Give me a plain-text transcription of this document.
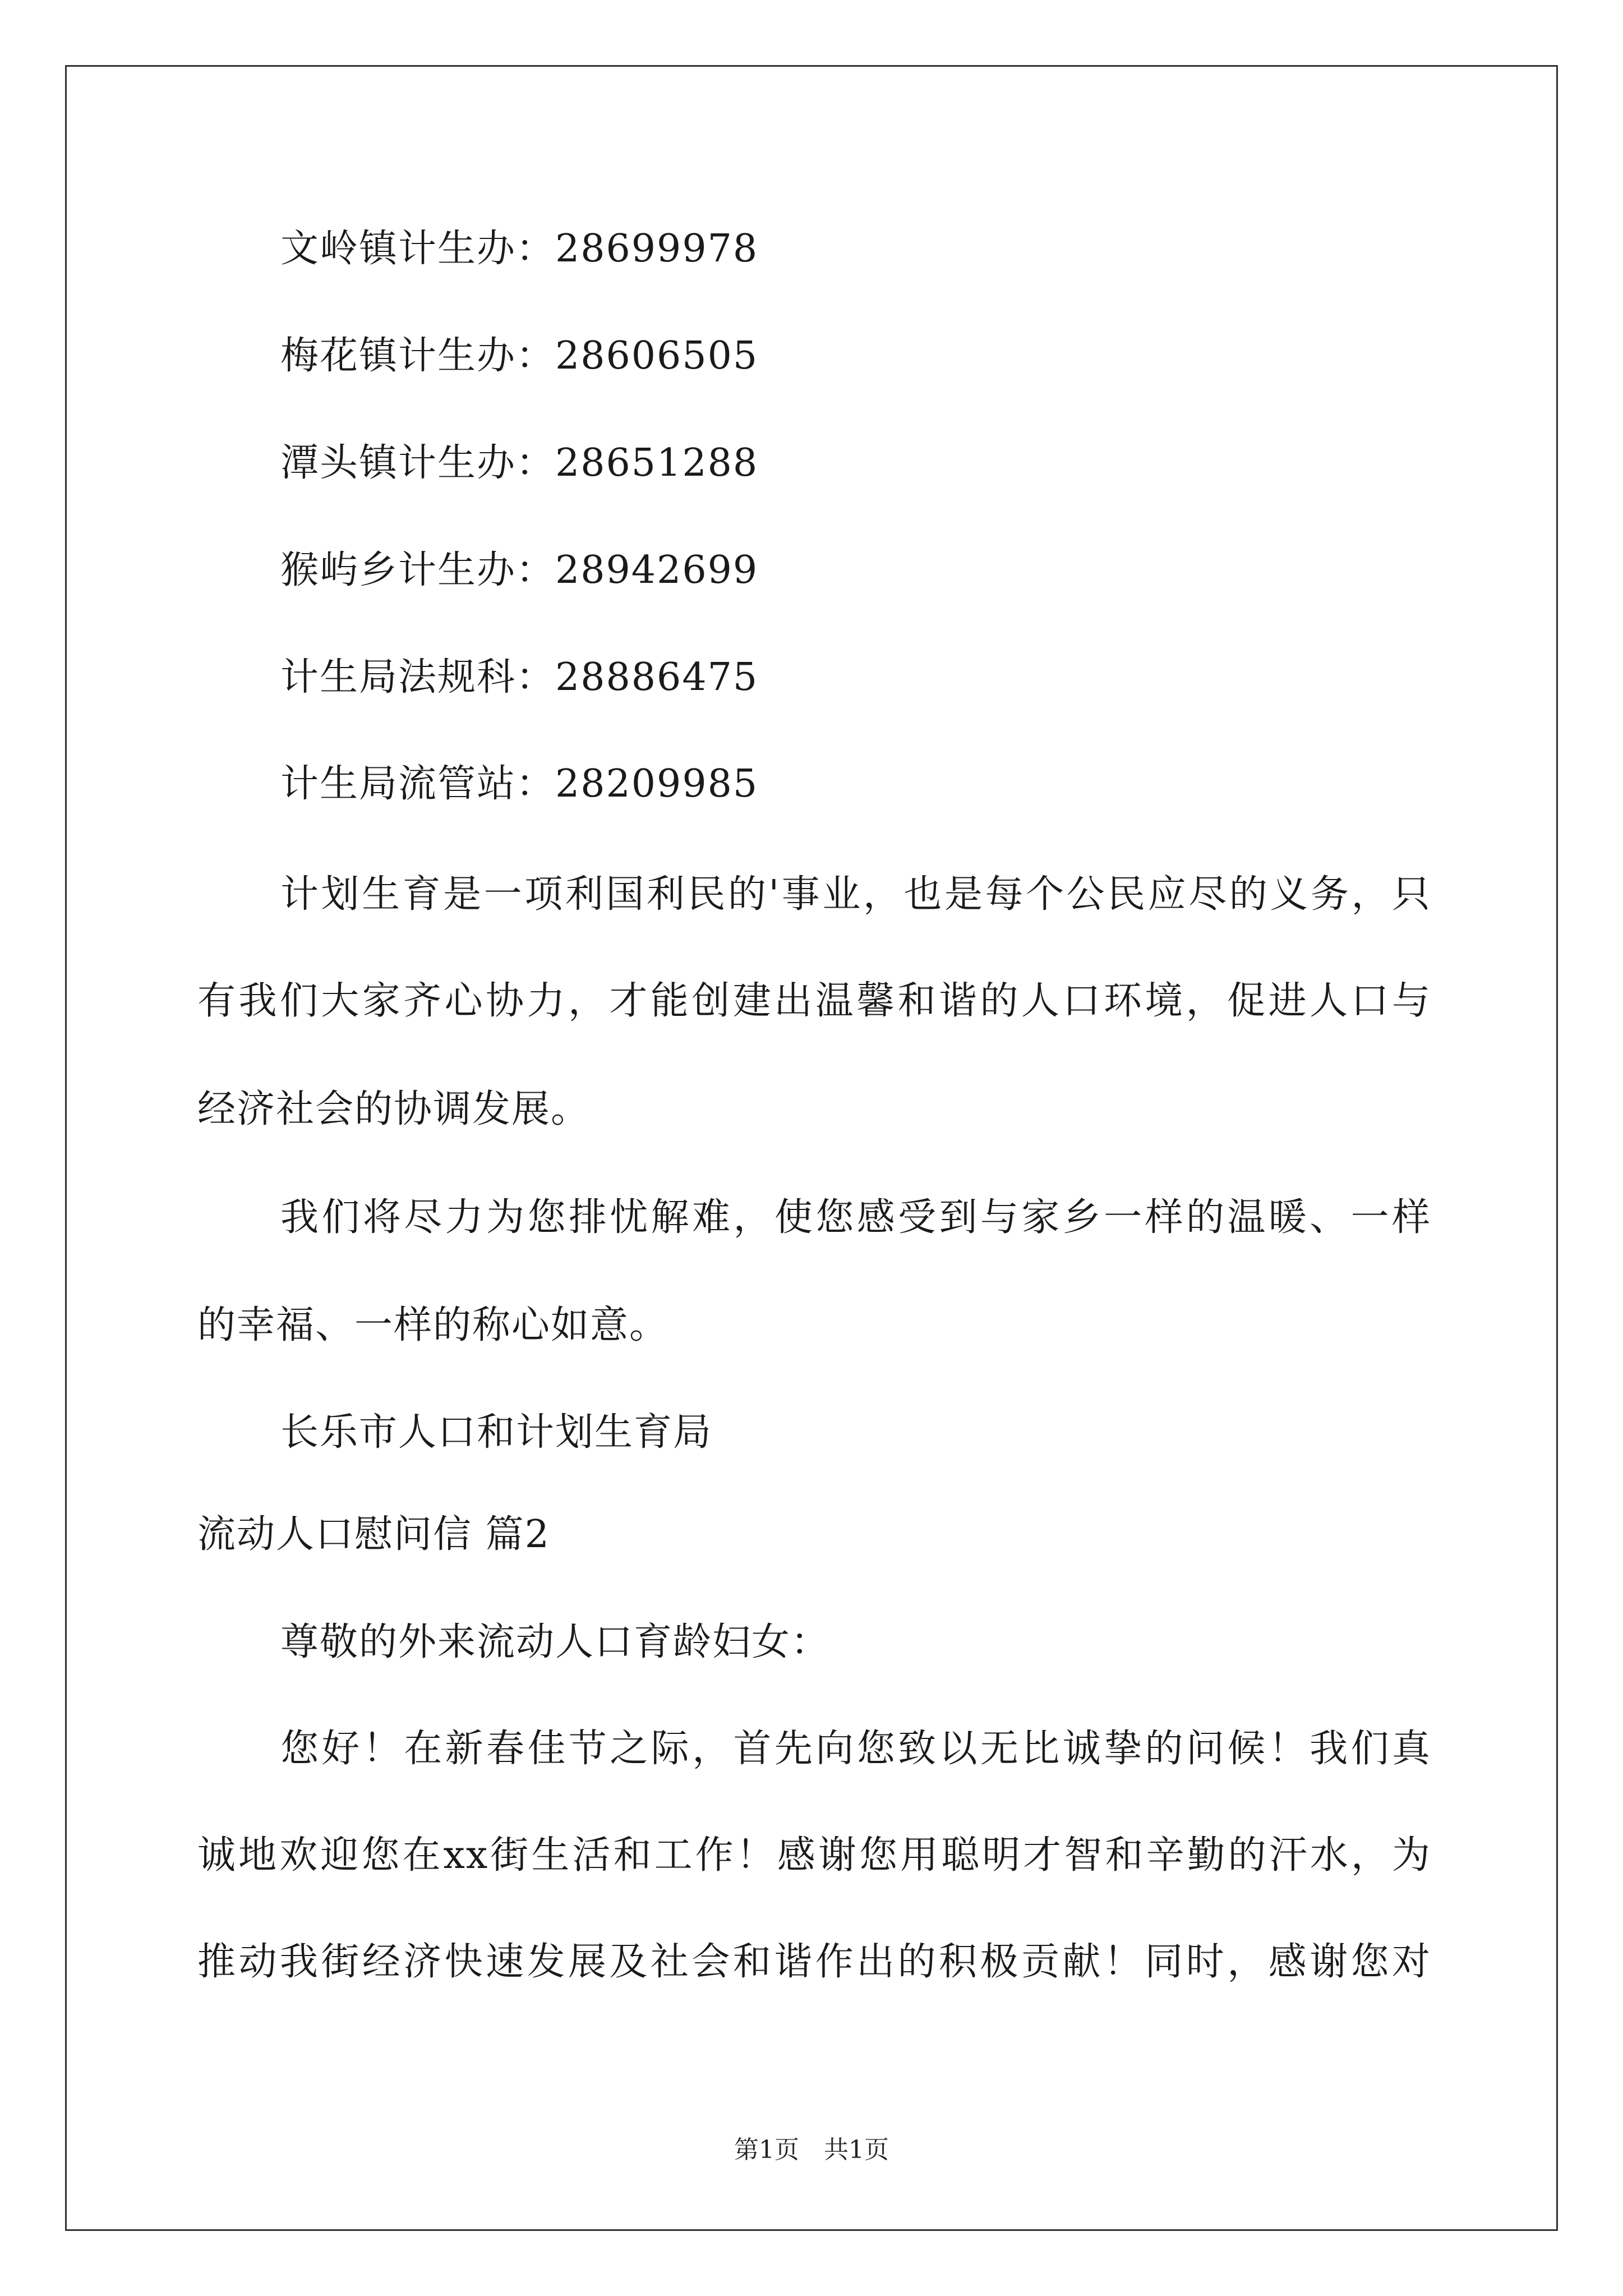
文岭镇计生办：28699978
梅花镇计生办：28606505
潭头镇计生办：28651288
猴屿乡计生办：28942699
计生局法规科：28886475
计生局流管站：28209985
计划生育是一项利国利民的'事业，也是每个公民应尽的义务，只
有我们大家齐心协力，才能创建出温馨和谐的人口环境，促进人口与
经济社会的协调发展。
我们将尽力为您排忧解难，使您感受到与家乡一样的温暖、一样
的幸福、一样的称心如意。
长乐市人口和计划生育局
流动人口慰问信 篇2
尊敬的外来流动人口育龄妇女：
您好！在新春佳节之际，首先向您致以无比诚挚的问候！我们真
诚地欢迎您在xx街生活和工作！感谢您用聪明才智和辛勤的汗水，为
推动我街经济快速发展及社会和谐作出的积极贡献！同时，感谢您对
第1页　共1页
